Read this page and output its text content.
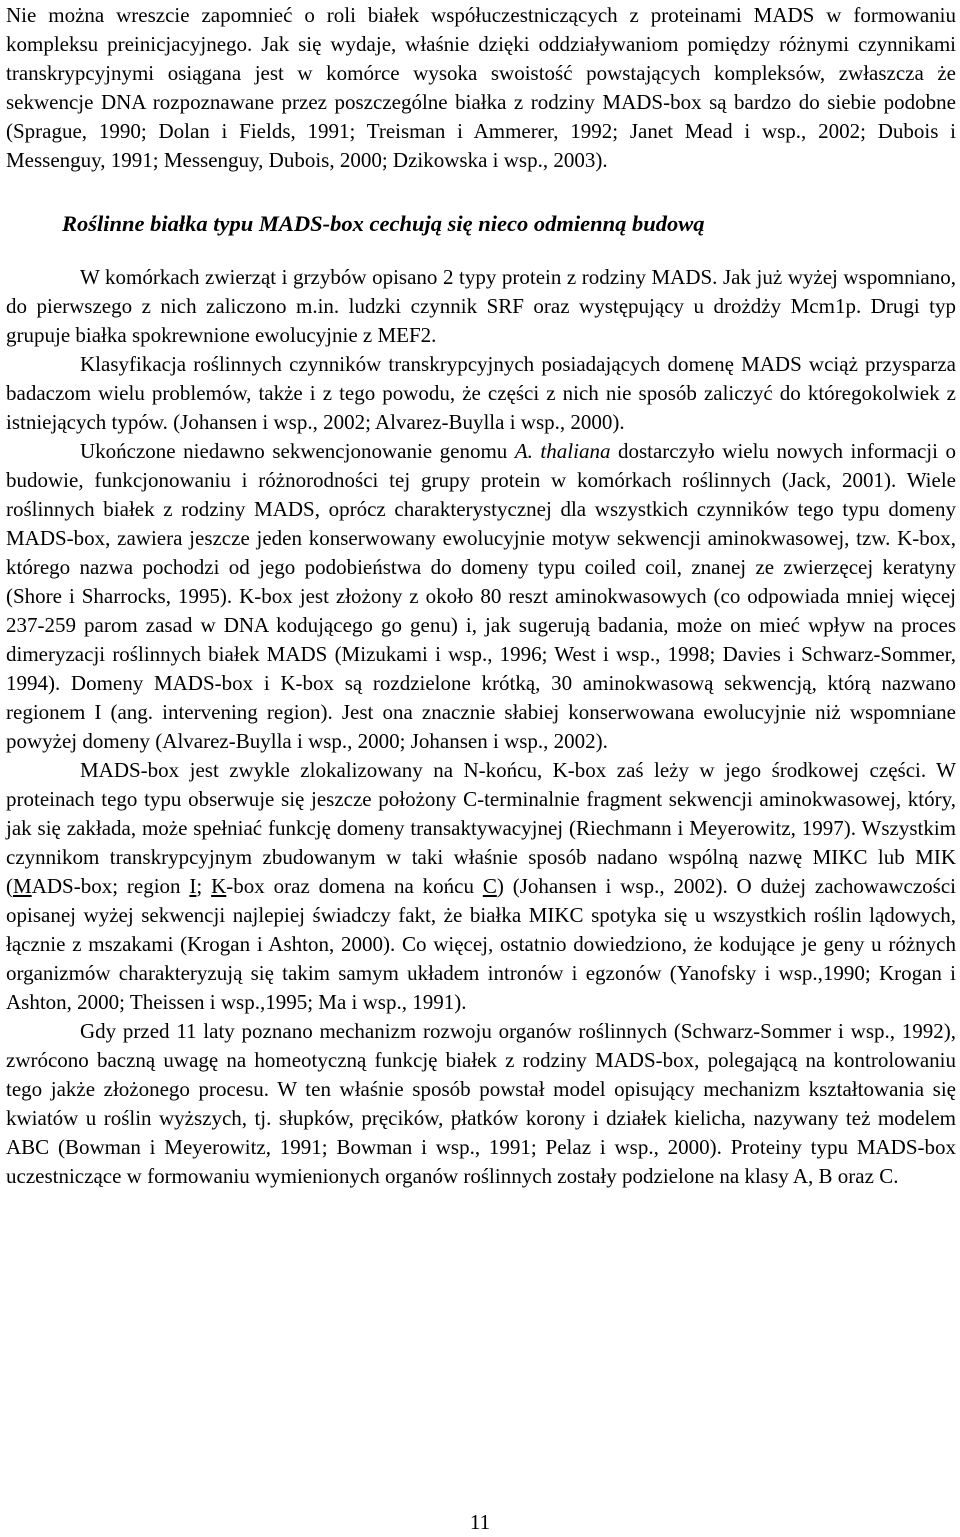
Nie można wreszcie zapomnieć o roli białek współuczestniczących z proteinami MADS w formowaniu kompleksu preinicjacyjnego. Jak się wydaje, właśnie dzięki oddziaływaniom pomiędzy różnymi czynnikami transkrypcyjnymi osiągana jest w komórce wysoka swoistość powstających kompleksów, zwłaszcza że sekwencje DNA rozpoznawane przez poszczególne białka z rodziny MADS-box są bardzo do siebie podobne (Sprague, 1990; Dolan i Fields, 1991; Treisman i Ammerer, 1992; Janet Mead i wsp., 2002; Dubois i Messenguy, 1991; Messenguy, Dubois, 2000; Dzikowska i wsp., 2003).

Roślinne białka typu MADS-box cechują się nieco odmienną budową

W komórkach zwierząt i grzybów opisano 2 typy protein z rodziny MADS. Jak już wyżej wspomniano, do pierwszego z nich zaliczono m.in. ludzki czynnik SRF oraz występujący u drożdży Mcm1p. Drugi typ grupuje białka spokrewnione ewolucyjnie z MEF2.

Klasyfikacja roślinnych czynników transkrypcyjnych posiadających domenę MADS wciąż przysparza badaczom wielu problemów, także i z tego powodu, że części z nich nie sposób zaliczyć do któregokolwiek z istniejących typów. (Johansen i wsp., 2002; Alvarez-Buylla i wsp., 2000).

Ukończone niedawno sekwencjonowanie genomu A. thaliana dostarczyło wielu nowych informacji o budowie, funkcjonowaniu i różnorodności tej grupy protein w komórkach roślinnych (Jack, 2001). Wiele roślinnych białek z rodziny MADS, oprócz charakterystycznej dla wszystkich czynników tego typu domeny MADS-box, zawiera jeszcze jeden konserwowany ewolucyjnie motyw sekwencji aminokwasowej, tzw. K-box, którego nazwa pochodzi od jego podobieństwa do domeny typu coiled coil, znanej ze zwierzęcej keratyny (Shore i Sharrocks, 1995). K-box jest złożony z około 80 reszt aminokwasowych (co odpowiada mniej więcej 237-259 parom zasad w DNA kodującego go genu) i, jak sugerują badania, może on mieć wpływ na proces dimeryzacji roślinnych białek MADS (Mizukami i wsp., 1996; West i wsp., 1998; Davies i Schwarz-Sommer, 1994). Domeny MADS-box i K-box są rozdzielone krótką, 30 aminokwasową sekwencją, którą nazwano regionem I (ang. intervening region). Jest ona znacznie słabiej konserwowana ewolucyjnie niż wspomniane powyżej domeny (Alvarez-Buylla i wsp., 2000; Johansen i wsp., 2002).

MADS-box jest zwykle zlokalizowany na N-końcu, K-box zaś leży w jego środkowej części. W proteinach tego typu obserwuje się jeszcze położony C-terminalnie fragment sekwencji aminokwasowej, który, jak się zakłada, może spełniać funkcję domeny transaktywacyjnej (Riechmann i Meyerowitz, 1997). Wszystkim czynnikom transkrypcyjnym zbudowanym w taki właśnie sposób nadano wspólną nazwę MIKC lub MIK (MADS-box; region I; K-box oraz domena na końcu C) (Johansen i wsp., 2002). O dużej zachowawczości opisanej wyżej sekwencji najlepiej świadczy fakt, że białka MIKC spotyka się u wszystkich roślin lądowych, łącznie z mszakami (Krogan i Ashton, 2000). Co więcej, ostatnio dowiedziono, że kodujące je geny u różnych organizmów charakteryzują się takim samym układem intronów i egzonów (Yanofsky i wsp.,1990; Krogan i Ashton, 2000; Theissen i wsp.,1995; Ma i wsp., 1991).

Gdy przed 11 laty poznano mechanizm rozwoju organów roślinnych (Schwarz-Sommer i wsp., 1992), zwrócono baczną uwagę na homeotyczną funkcję białek z rodziny MADS-box, polegającą na kontrolowaniu tego jakże złożonego procesu. W ten właśnie sposób powstał model opisujący mechanizm kształtowania się kwiatów u roślin wyższych, tj. słupków, pręcików, płatków korony i działek kielicha, nazywany też modelem ABC (Bowman i Meyerowitz, 1991; Bowman i wsp., 1991; Pelaz i wsp., 2000). Proteiny typu MADS-box uczestniczące w formowaniu wymienionych organów roślinnych zostały podzielone na klasy A, B oraz C.

11
